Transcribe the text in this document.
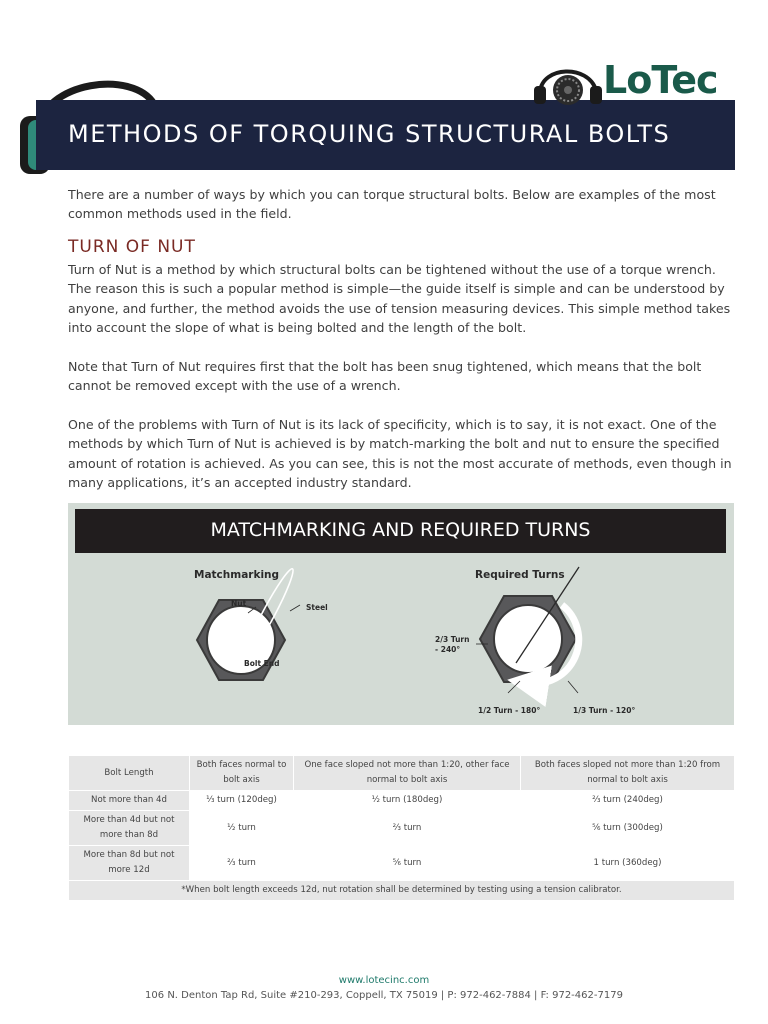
METHODS OF TORQUING STRUCTURAL BOLTS
LoTec
There are a number of ways by which you can torque structural bolts. Below are examples of the most common methods used in the field.
TURN OF NUT
Turn of Nut is a method by which structural bolts can be tightened without the use of a torque wrench. The reason this is such a popular method is simple—the guide itself is simple and can be understood by anyone, and further, the method avoids the use of tension measuring devices. This simple method takes into account the slope of what is being bolted and the length of the bolt.
Note that Turn of Nut requires first that the bolt has been snug tightened, which means that the bolt cannot be removed except with the use of a wrench.
One of the problems with Turn of Nut is its lack of specificity, which is to say, it is not exact. One of the methods by which Turn of Nut is achieved is by match-marking the bolt and nut to ensure the specified amount of rotation is achieved. As you can see, this is not the most accurate of methods, even though in many applications, it’s an accepted industry standard.
MATCHMARKING AND REQUIRED TURNS
Matchmarking
Nut	Steel
Bolt End
Required Turns
2/3 Turn
- 240°
1/2 Turn - 180°	1/3 Turn - 120°
Bolt Length	Both faces normal to bolt axis	One face sloped not more than 1:20, other face normal to bolt axis	Both faces sloped not more than 1:20 from normal to bolt axis
Not more than 4d	⅓ turn (120deg)	½ turn (180deg)	⅔ turn (240deg)
More than 4d but not more than 8d	½ turn	⅔ turn	⅚ turn (300deg)
More than 8d but not more 12d	⅔ turn	⅚ turn	1 turn (360deg)
*When bolt length exceeds 12d, nut rotation shall be determined by testing using a tension calibrator.			
www.lotecinc.com
106 N. Denton Tap Rd, Suite #210-293, Coppell, TX 75019 | P: 972-462-7884 | F: 972-462-7179
